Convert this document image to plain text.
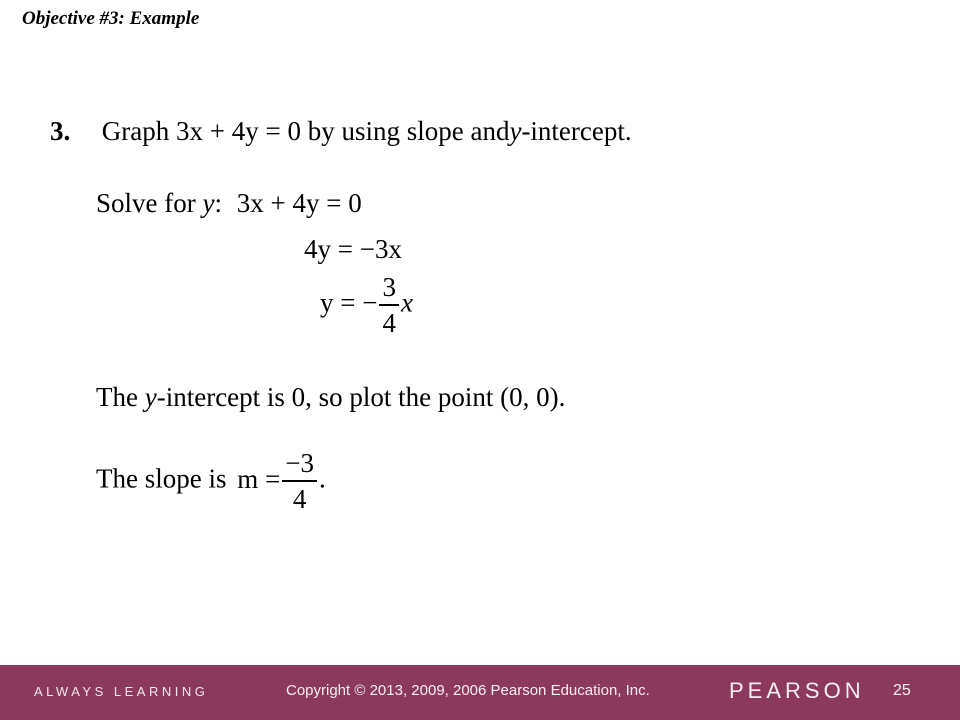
Objective #3: Example
3. Graph 3x + 4y = 0 by using slope andy-intercept.
Solve for y: 3x + 4y = 0
4y = −3x
y = − $\frac{3}{4}$ x
The y-intercept is 0, so plot the point (0, 0).
The slope is $m = \frac{-3}{4}$ .
ALWAYS LEARNING	Copyright © 2013, 2009, 2006 Pearson Education, Inc.	PEARSON 25
